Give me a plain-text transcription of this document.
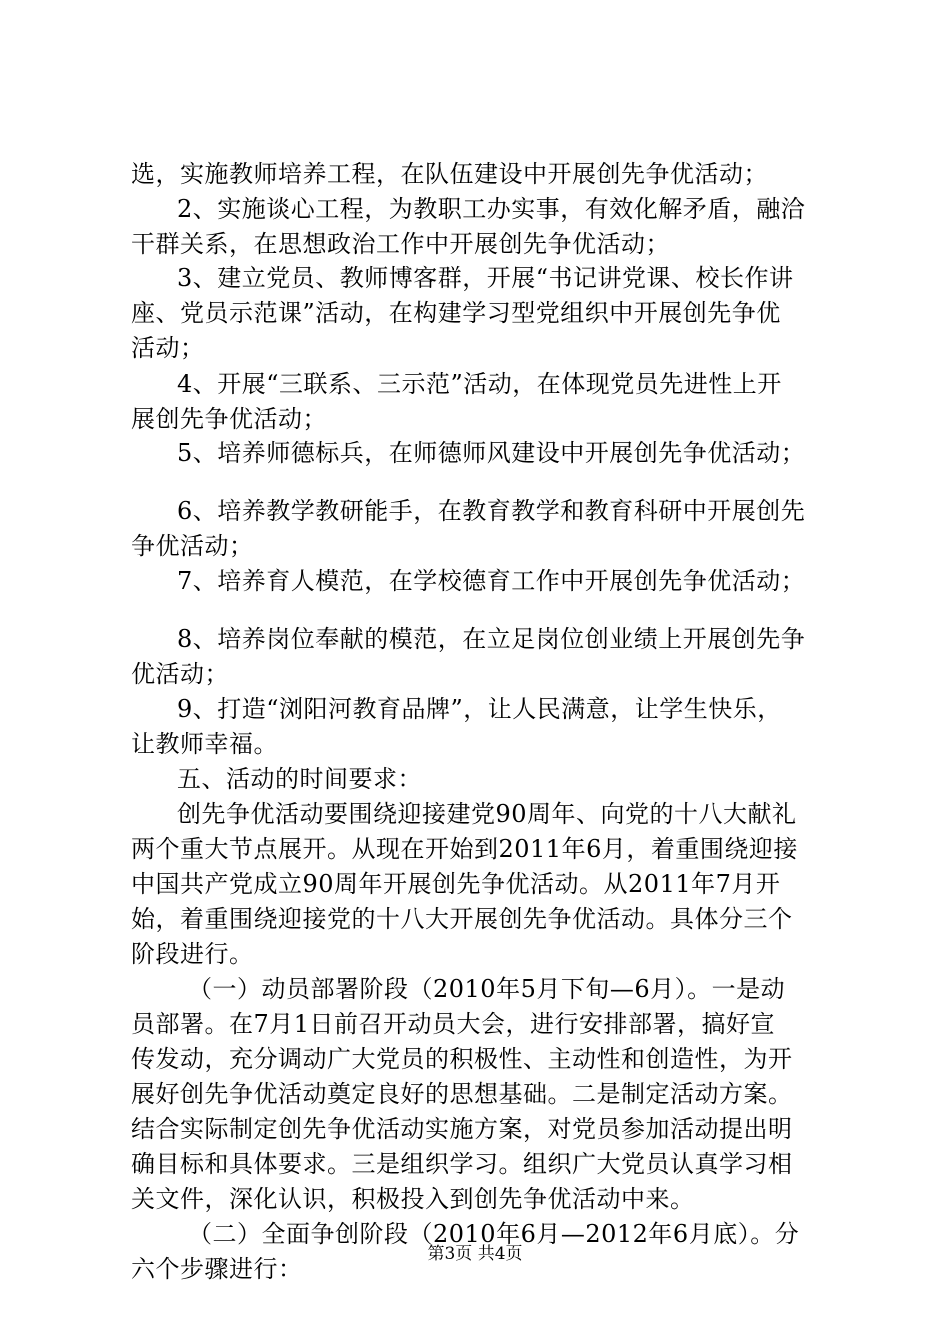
选，实施教师培养工程，在队伍建设中开展创先争优活动；
2、实施谈心工程，为教职工办实事，有效化解矛盾，融洽
干群关系，在思想政治工作中开展创先争优活动；
3、建立党员、教师博客群，开展“书记讲党课、校长作讲
座、党员示范课”活动，在构建学习型党组织中开展创先争优
活动；
4、开展“三联系、三示范”活动，在体现党员先进性上开
展创先争优活动；
5、培养师德标兵，在师德师风建设中开展创先争优活动；
6、培养教学教研能手，在教育教学和教育科研中开展创先
争优活动；
7、培养育人模范，在学校德育工作中开展创先争优活动；
8、培养岗位奉献的模范，在立足岗位创业绩上开展创先争
优活动；
9、打造“浏阳河教育品牌”，让人民满意，让学生快乐，
让教师幸福。
五、活动的时间要求：
创先争优活动要围绕迎接建党90周年、向党的十八大献礼
两个重大节点展开。从现在开始到2011年6月，着重围绕迎接
中国共产党成立90周年开展创先争优活动。从2011年7月开
始，着重围绕迎接党的十八大开展创先争优活动。具体分三个
阶段进行。
（一）动员部署阶段（2010年5月下旬—6月）。一是动
员部署。在7月1日前召开动员大会，进行安排部署，搞好宣
传发动，充分调动广大党员的积极性、主动性和创造性，为开
展好创先争优活动奠定良好的思想基础。二是制定活动方案。
结合实际制定创先争优活动实施方案，对党员参加活动提出明
确目标和具体要求。三是组织学习。组织广大党员认真学习相
关文件，深化认识，积极投入到创先争优活动中来。
（二）全面争创阶段（2010年6月—2012年6月底）。分
六个步骤进行：
第3页 共4页
